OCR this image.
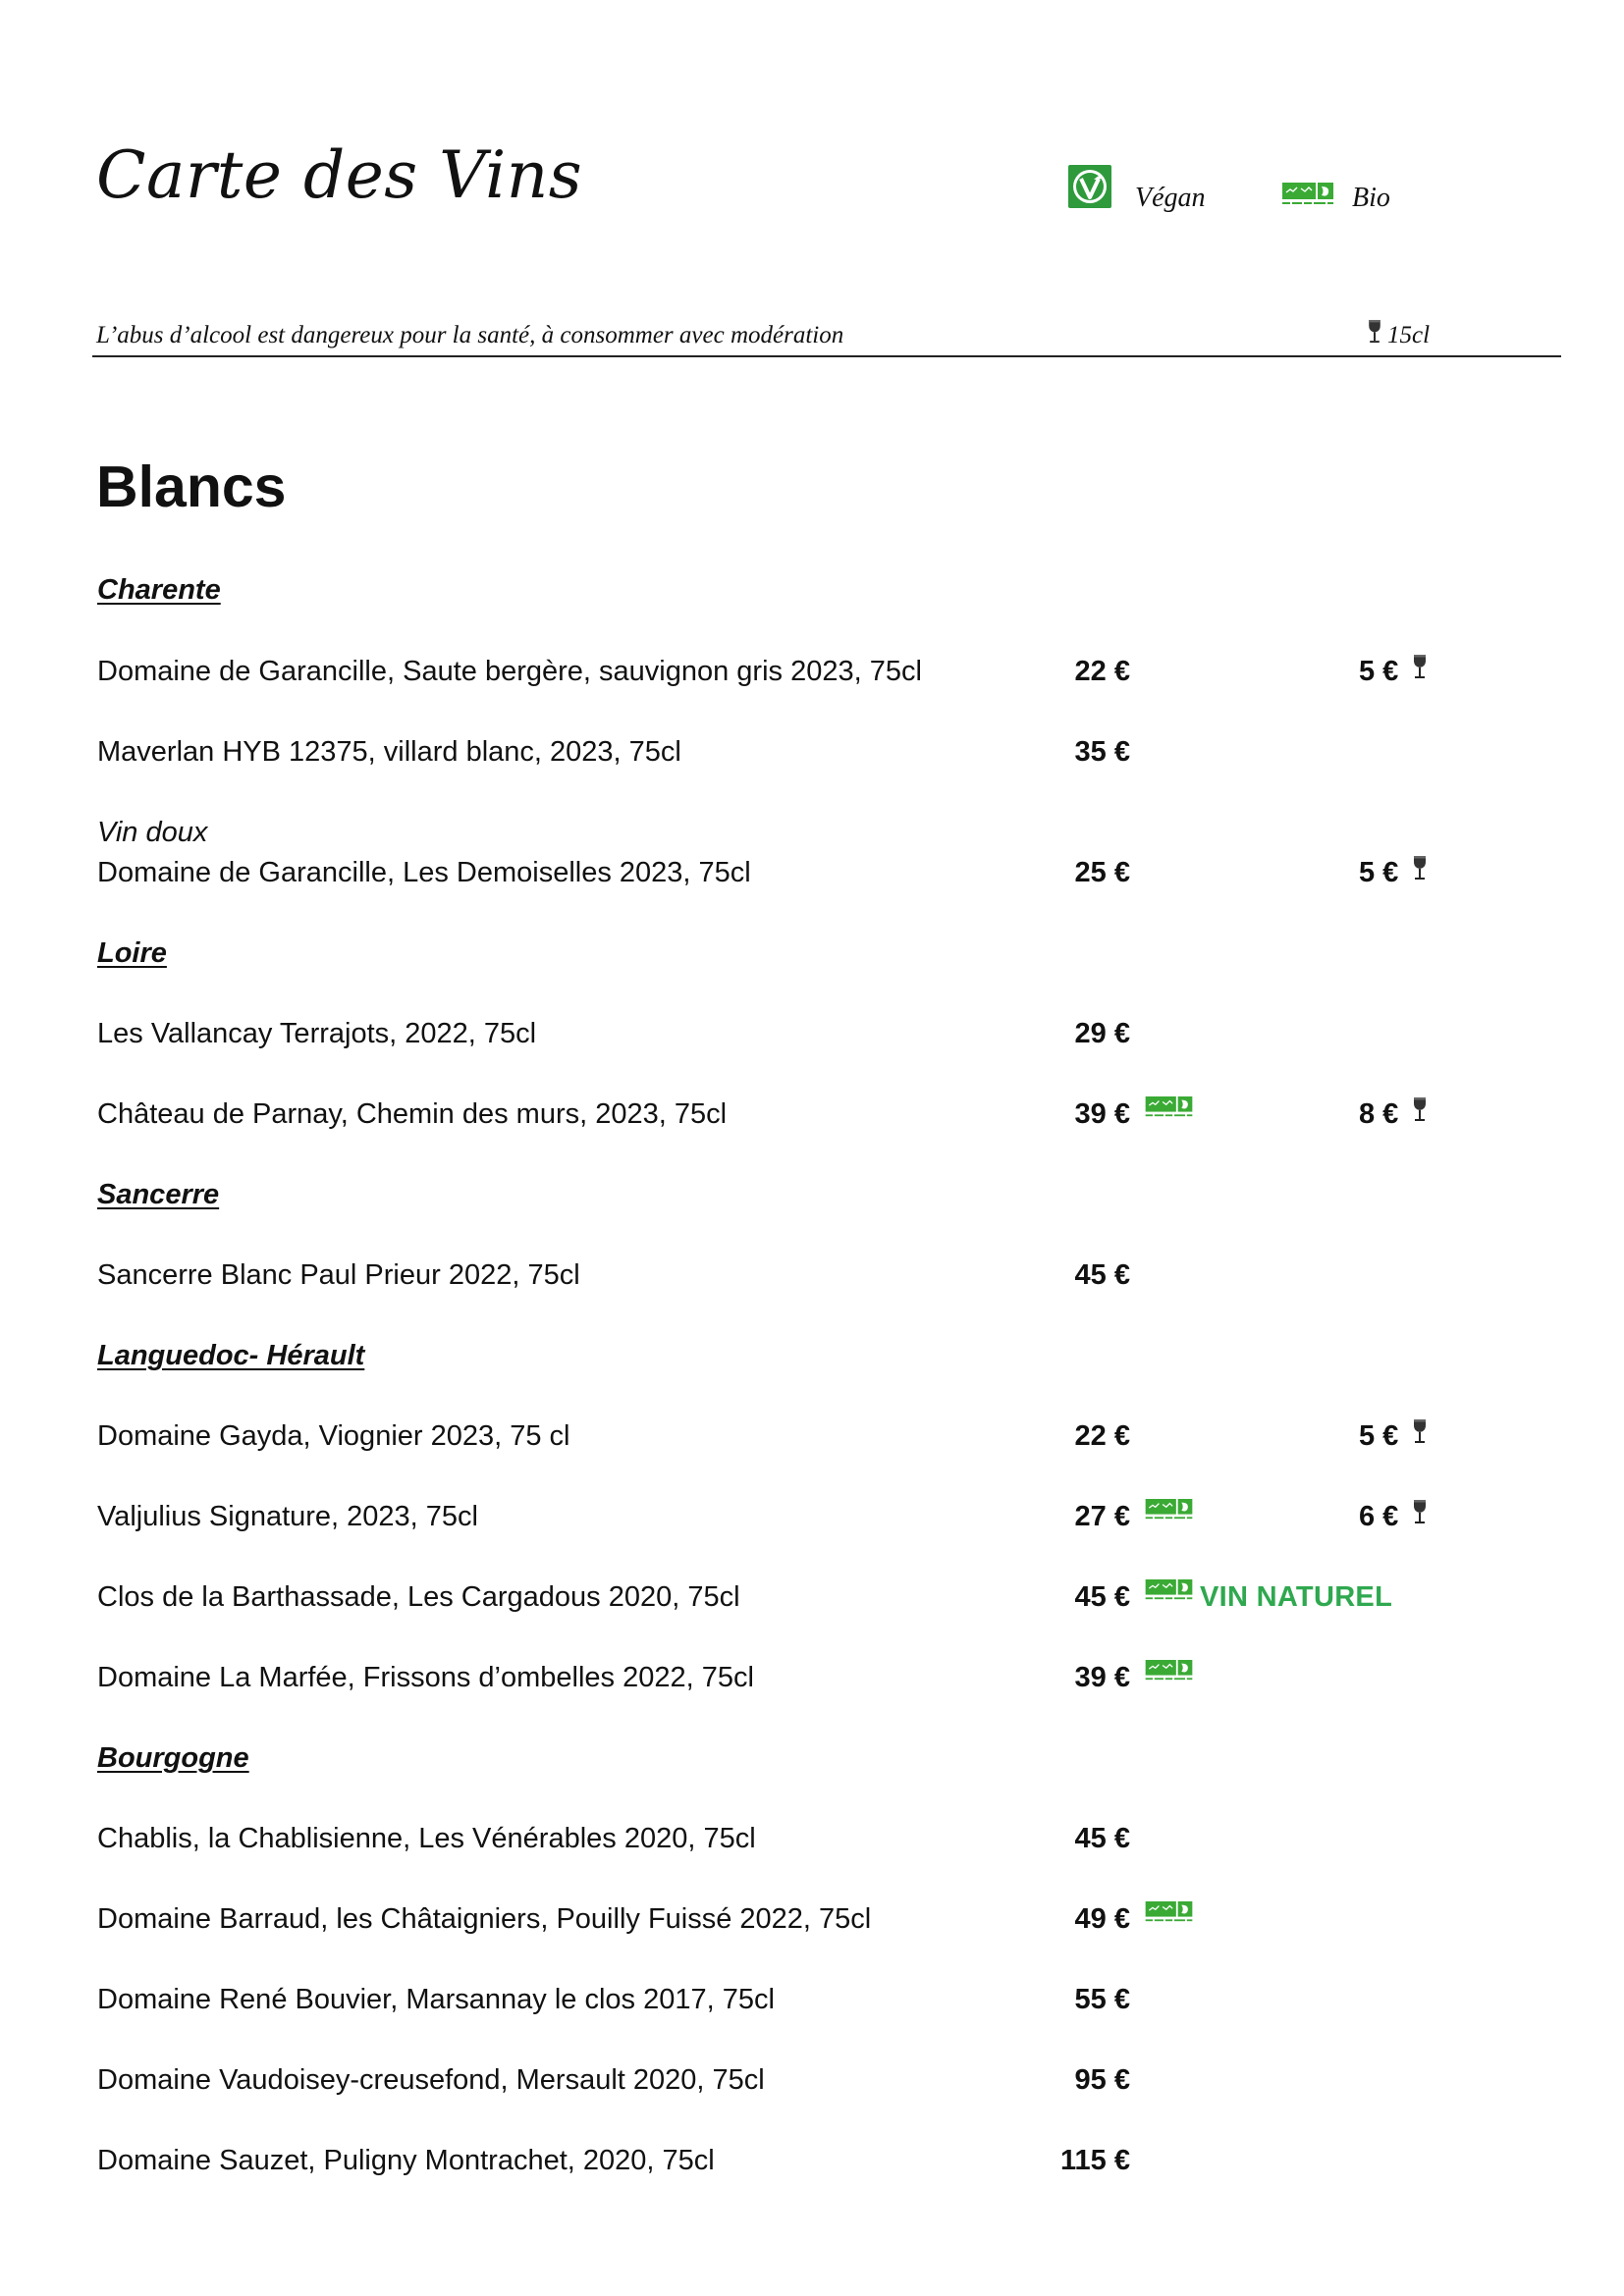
Carte des Vins	Végan	Bio
L’abus d’alcool est dangereux pour la santé, à consommer avec modération	15cl
Blancs
Charente
Domaine de Garancille, Saute bergère, sauvignon gris 2023, 75cl	22 €	5 €
Maverlan HYB 12375, villard blanc, 2023, 75cl	35 €
Vin doux
Domaine de Garancille, Les Demoiselles 2023, 75cl	25 €	5 €
Loire
Les Vallancay Terrajots, 2022, 75cl	29 €
Château de Parnay, Chemin des murs, 2023, 75cl	39 €	8 €
Sancerre
Sancerre Blanc Paul Prieur 2022, 75cl	45 €
Languedoc- Hérault
Domaine Gayda, Viognier 2023, 75 cl	22 €	5 €
Valjulius Signature, 2023, 75cl	27 €	6 €
Clos de la Barthassade, Les Cargadous 2020, 75cl	45 € VIN NATUREL
Domaine La Marfée, Frissons d’ombelles 2022, 75cl	39 €
Bourgogne
Chablis, la Chablisienne, Les Vénérables 2020, 75cl	45 €
Domaine Barraud, les Châtaigniers, Pouilly Fuissé 2022, 75cl	49 €
Domaine René Bouvier, Marsannay le clos 2017, 75cl	55 €
Domaine Vaudoisey-creusefond, Mersault 2020, 75cl	95 €
Domaine Sauzet, Puligny Montrachet, 2020, 75cl	115 €
